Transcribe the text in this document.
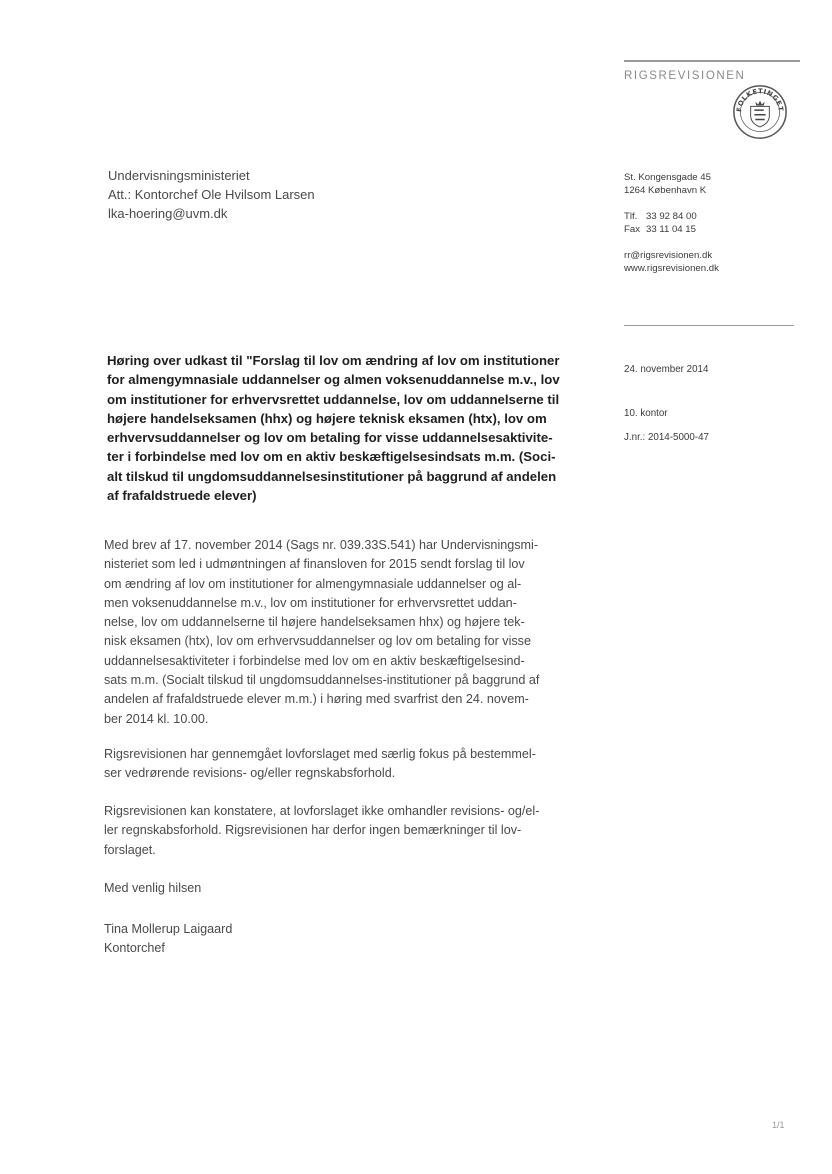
RIGSREVISIONEN
FOLKETINGET
Undervisningsministeriet
Att.: Kontorchef Ole Hvilsom Larsen
lka-hoering@uvm.dk
St. Kongensgade 45
1264 København K
Tlf. 33 92 84 00
Fax 33 11 04 15
rr@rigsrevisionen.dk
www.rigsrevisionen.dk
24. november 2014
10. kontor
J.nr.: 2014-5000-47
Høring over udkast til "Forslag til lov om ændring af lov om institutioner
for almengymnasiale uddannelser og almen voksenuddannelse m.v., lov
om institutioner for erhvervsrettet uddannelse, lov om uddannelserne til
højere handelseksamen (hhx) og højere teknisk eksamen (htx), lov om
erhvervsuddannelser og lov om betaling for visse uddannelsesaktivite-
ter i forbindelse med lov om en aktiv beskæftigelsesindsats m.m. (Soci-
alt tilskud til ungdomsuddannelsesinstitutioner på baggrund af andelen
af frafaldstruede elever)
Med brev af 17. november 2014 (Sags nr. 039.33S.541) har Undervisningsmi-
nisteriet som led i udmøntningen af finansloven for 2015 sendt forslag til lov
om ændring af lov om institutioner for almengymnasiale uddannelser og al-
men voksenuddannelse m.v., lov om institutioner for erhvervsrettet uddan-
nelse, lov om uddannelserne til højere handelseksamen hhx) og højere tek-
nisk eksamen (htx), lov om erhvervsuddannelser og lov om betaling for visse
uddannelsesaktiviteter i forbindelse med lov om en aktiv beskæftigelsesind-
sats m.m. (Socialt tilskud til ungdomsuddannelses-institutioner på baggrund af
andelen af frafaldstruede elever m.m.) i høring med svarfrist den 24. novem-
ber 2014 kl. 10.00.
Rigsrevisionen har gennemgået lovforslaget med særlig fokus på bestemmel-
ser vedrørende revisions- og/eller regnskabsforhold.
Rigsrevisionen kan konstatere, at lovforslaget ikke omhandler revisions- og/el-
ler regnskabsforhold. Rigsrevisionen har derfor ingen bemærkninger til lov-
forslaget.
Med venlig hilsen
Tina Mollerup Laigaard
Kontorchef
1/1
